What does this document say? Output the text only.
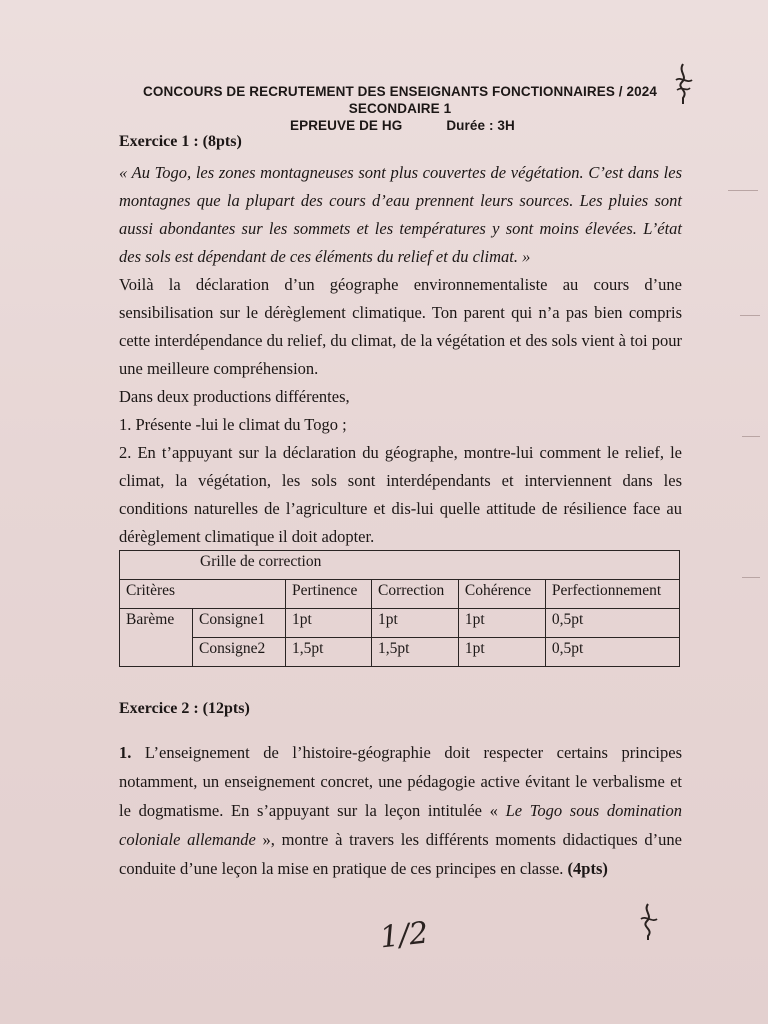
CONCOURS DE RECRUTEMENT DES ENSEIGNANTS FONCTIONNAIRES / 2024
SECONDAIRE 1
EPREUVE DE HG	Durée : 3H
Exercice 1 : (8pts)

« Au Togo, les zones montagneuses sont plus couvertes de végétation. C’est dans les montagnes que la plupart des cours d’eau prennent leurs sources. Les pluies sont aussi abondantes sur les sommets et les températures y sont moins élevées. L’état des sols est dépendant de ces éléments du relief et du climat. »

Voilà la déclaration d’un géographe environnementaliste au cours d’une sensibilisation sur le dérèglement climatique. Ton parent qui n’a pas bien compris cette interdépendance du relief, du climat, de la végétation et des sols vient à toi pour une meilleure compréhension.

Dans deux productions différentes,

1. Présente -lui le climat du Togo ;

2. En t’appuyant sur la déclaration du géographe, montre-lui comment le relief, le climat, la végétation, les sols sont interdépendants et interviennent dans les conditions naturelles de l’agriculture et dis-lui quelle attitude de résilience face au dérèglement climatique il doit adopter.

Grille de correction					
Critères		Pertinence	Correction	Cohérence	Perfectionnement
Barème	Consigne1	1pt	1pt	1pt	0,5pt
	Consigne2	1,5pt	1,5pt	1pt	0,5pt
Exercice 2 : (12pts)

1. L’enseignement de l’histoire-géographie doit respecter certains principes notamment, un enseignement concret, une pédagogie active évitant le verbalisme et le dogmatisme. En s’appuyant sur la leçon intitulée « Le Togo sous domination coloniale allemande », montre à travers les différents moments didactiques d’une conduite d’une leçon la mise en pratique de ces principes en classe. (4pts)

1/2
